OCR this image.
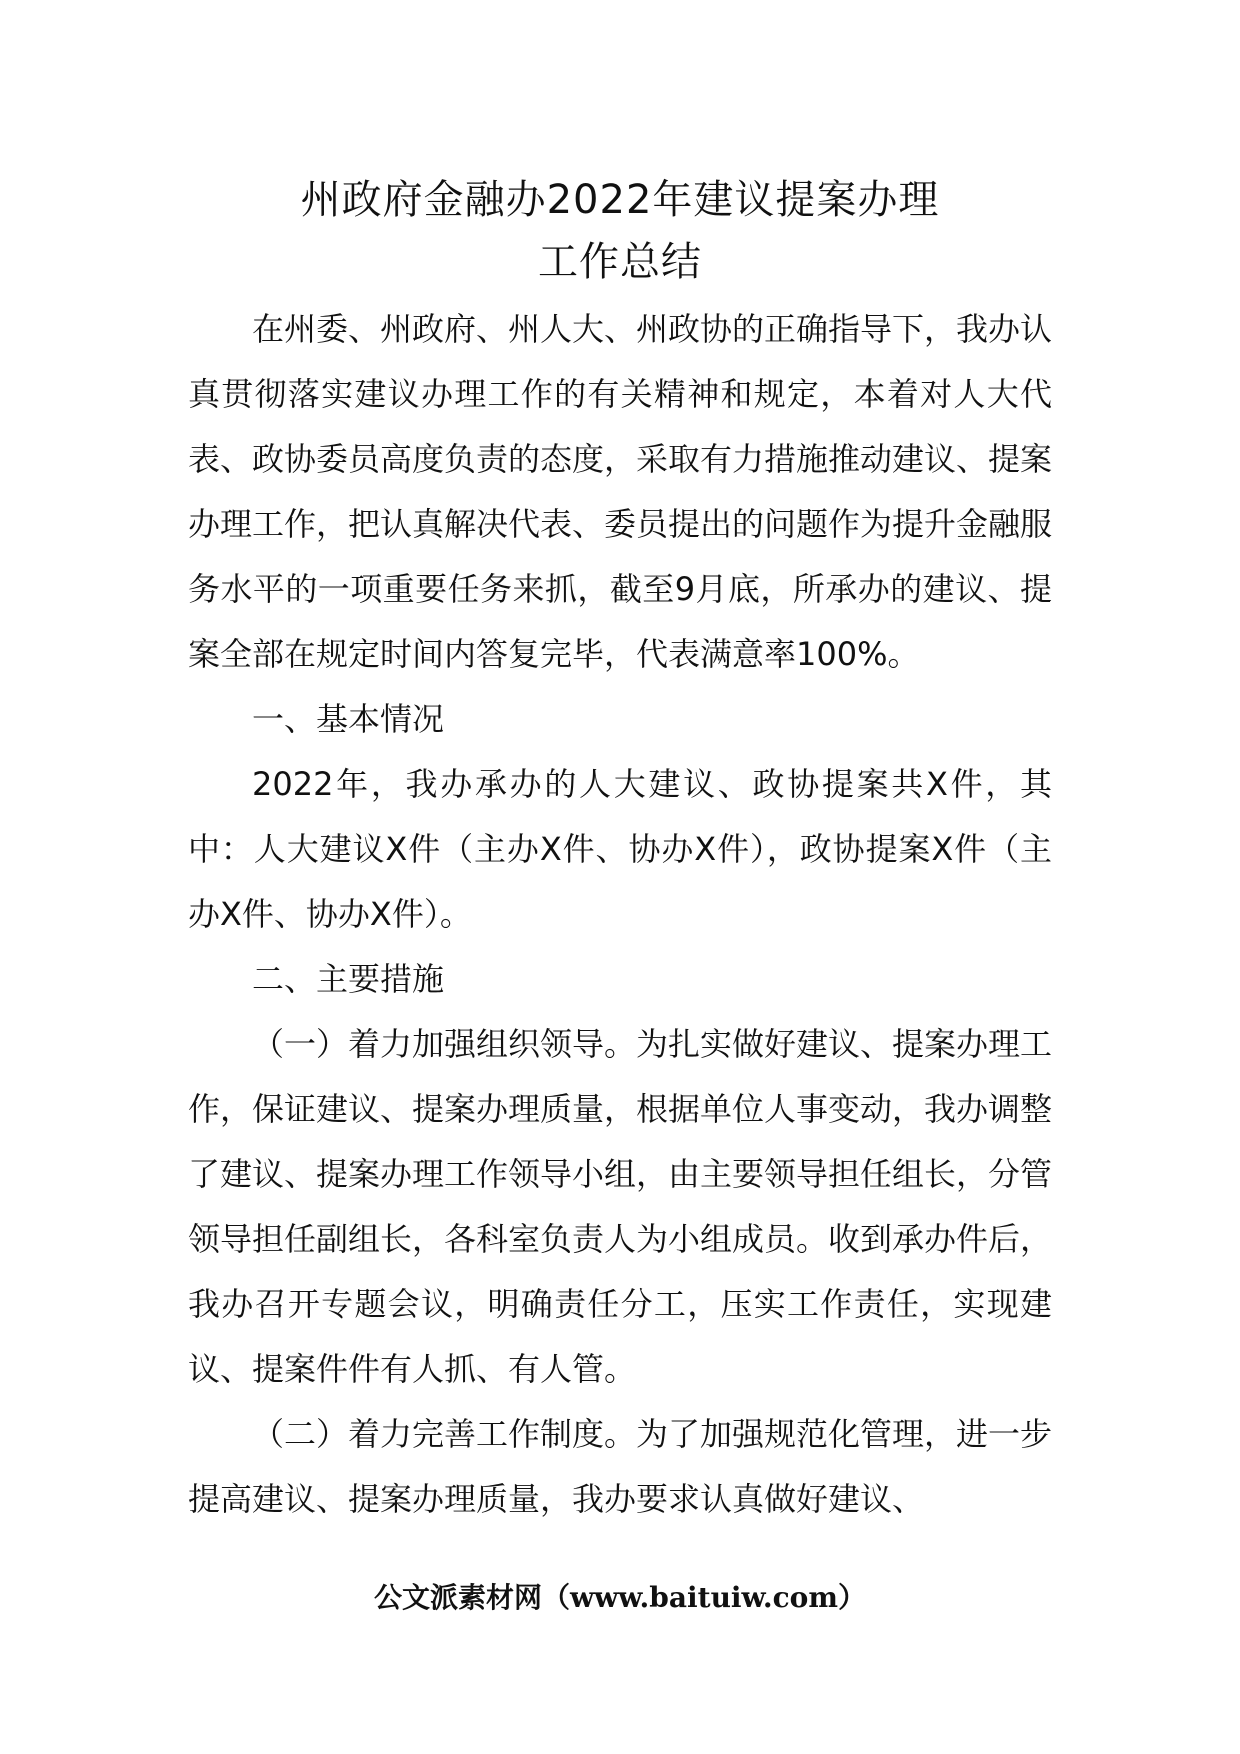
州政府金融办2022年建议提案办理
工作总结

在州委、州政府、州人大、州政协的正确指导下，我办认真贯彻落实建议办理工作的有关精神和规定，本着对人大代表、政协委员高度负责的态度，采取有力措施推动建议、提案办理工作，把认真解决代表、委员提出的问题作为提升金融服务水平的一项重要任务来抓，截至9月底，所承办的建议、提案全部在规定时间内答复完毕，代表满意率100%。

一、基本情况

2022年，我办承办的人大建议、政协提案共X件，其中：人大建议X件（主办X件、协办X件），政协提案X件（主办X件、协办X件）。

二、主要措施

（一）着力加强组织领导。为扎实做好建议、提案办理工作，保证建议、提案办理质量，根据单位人事变动，我办调整了建议、提案办理工作领导小组，由主要领导担任组长，分管领导担任副组长，各科室负责人为小组成员。收到承办件后，我办召开专题会议，明确责任分工，压实工作责任，实现建议、提案件件有人抓、有人管。

（二）着力完善工作制度。为了加强规范化管理，进一步提高建议、提案办理质量，我办要求认真做好建议、

公文派素材网（www.baituiw.com）
